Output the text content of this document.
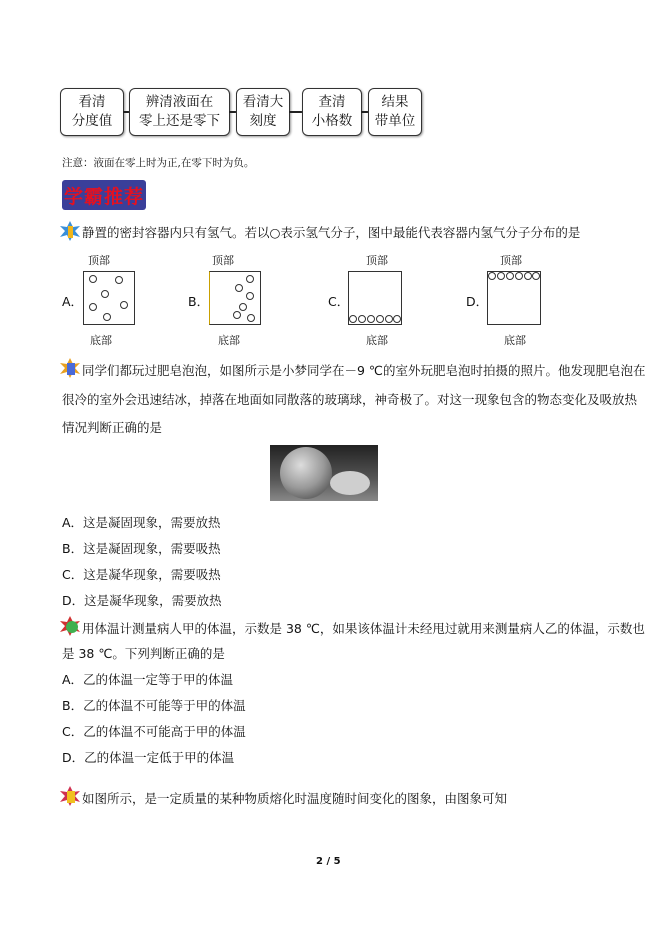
看清
分度值
辨清液面在
零上还是零下
看清大
刻度
查清
小格数
结果
带单位
注意：液面在零上时为正,在零下时为负。
学霸推荐
静置的密封容器内只有氢气。若以○表示氢气分子，图中最能代表容器内氢气分子分布的是
顶部	顶部	顶部	顶部
A．	B．	C．	D．
底部	底部	底部	底部
同学们都玩过肥皂泡泡，如图所示是小梦同学在－9 ℃的室外玩肥皂泡时拍摄的照片。他发现肥皂泡在
很冷的室外会迅速结冰，掉落在地面如同散落的玻璃球，神奇极了。对这一现象包含的物态变化及吸放热
情况判断正确的是
A．这是凝固现象，需要放热
B．这是凝固现象，需要吸热
C．这是凝华现象，需要吸热
D．这是凝华现象，需要放热
用体温计测量病人甲的体温，示数是 38 ℃，如果该体温计未经甩过就用来测量病人乙的体温，示数也
是 38 ℃。下列判断正确的是
A．乙的体温一定等于甲的体温
B．乙的体温不可能等于甲的体温
C．乙的体温不可能高于甲的体温
D．乙的体温一定低于甲的体温
如图所示，是一定质量的某种物质熔化时温度随时间变化的图象，由图象可知
2 / 5
